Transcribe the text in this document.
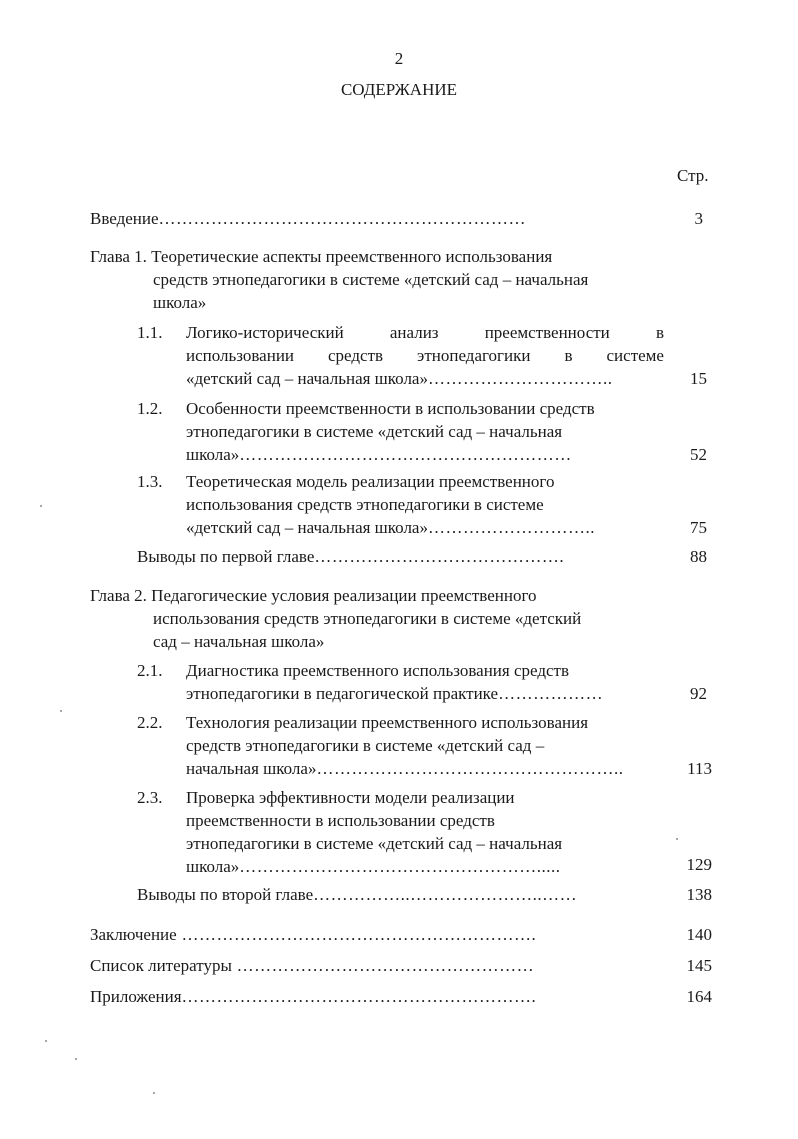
2
СОДЕРЖАНИЕ
Стр.
Введение………………………………………………………	3
Глава 1. Теоретические аспекты преемственного использования
средств этнопедагогики в системе «детский сад – начальная
школа»
1.1. Логико-исторический	анализ	преемственности	в
использовании средств этнопедагогики в системе
«детский сад – начальная школа»…………………………..	15
1.2. Особенности преемственности в использовании средств
этнопедагогики в системе «детский сад – начальная
школа»…………………………………………………	52
1.3. Теоретическая модель реализации преемственного
использования средств этнопедагогики в системе
«детский сад – начальная школа»………………………..	75
Выводы по первой главе…………………………………….	88
Глава 2. Педагогические условия реализации преемственного
использования средств этнопедагогики в системе «детский
сад – начальная школа»
2.1. Диагностика преемственного использования средств
этнопедагогики в педагогической практике………………	92
2.2. Технология реализации преемственного использования
средств этнопедагогики в системе «детский сад –
начальная школа»……………………………………………..	113
2.3. Проверка эффективности модели реализации
преемственности в использовании средств
этнопедагогики в системе «детский сад – начальная
школа»…………………………………………….....	129
Выводы по второй главе……………..…………………..……	138
Заключение …………………………………………………….	140
Список литературы ……………………………………………	145
Приложения…………………………………………………….	164
